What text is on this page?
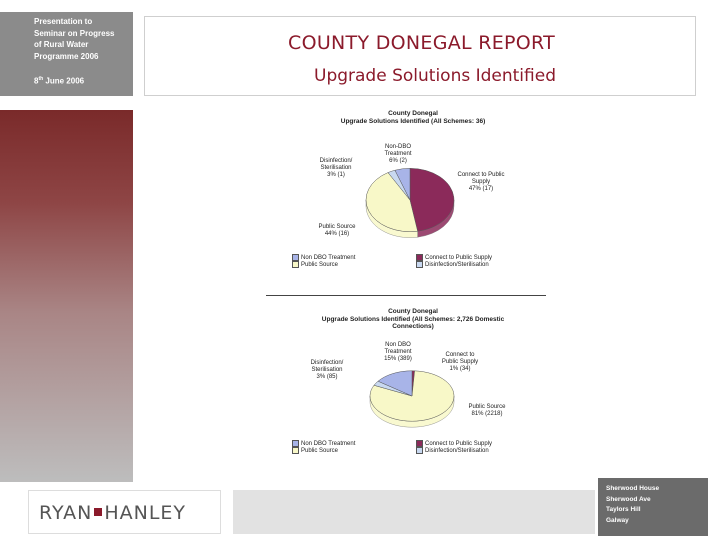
Presentation to
Seminar on Progress
of Rural Water
Programme 2006
8th June 2006
COUNTY DONEGAL REPORT
Upgrade Solutions Identified
County Donegal
Upgrade Solutions Identified (All Schemes: 36)
Non-DBO
Treatment
6% (2)
Disinfection/
Sterilisation
3% (1)	Connect to Public
Supply
47% (17)
Public Source
44% (16)
Non DBO Treatment	Connect to Public Supply
Public Source	Disinfection/Sterilisation
County Donegal
Upgrade Solutions Identified (All Schemes: 2,726 Domestic Connections)
Non DBO
Treatment
15% (389)
Disinfection/
Sterilisation
3% (85)
Connect to
Public Supply
1% (34)
Public Source
81% (2218)
Non DBO Treatment	Connect to Public Supply
Public Source	Disinfection/Sterilisation
RYAN HANLEY
Sherwood House
Sherwood Ave
Taylors Hill
Galway
